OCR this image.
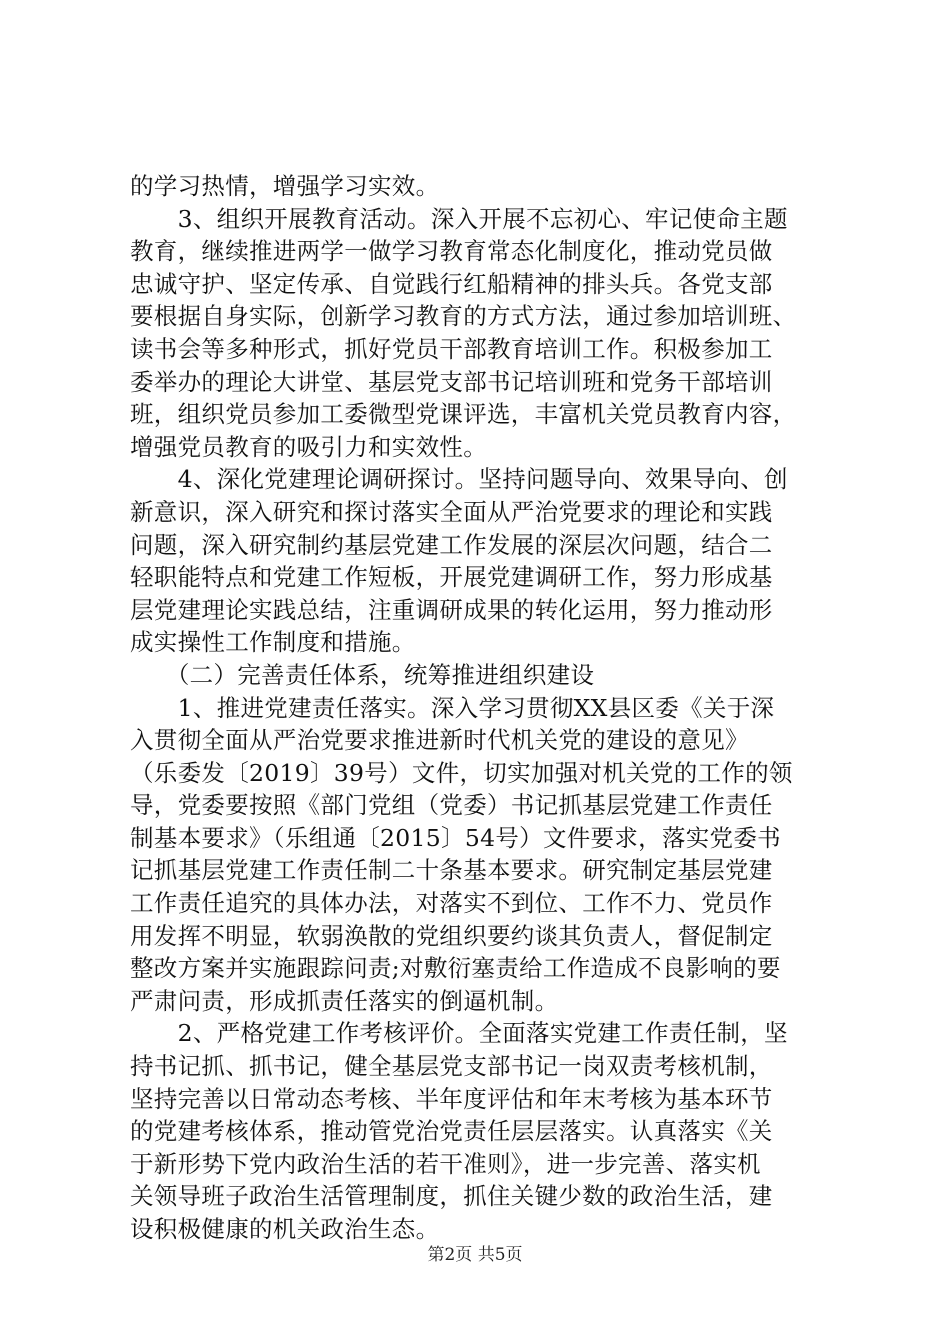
的学习热情，增强学习实效。
　　3、组织开展教育活动。深入开展不忘初心、牢记使命主题
教育，继续推进两学一做学习教育常态化制度化，推动党员做
忠诚守护、坚定传承、自觉践行红船精神的排头兵。各党支部
要根据自身实际，创新学习教育的方式方法，通过参加培训班、
读书会等多种形式，抓好党员干部教育培训工作。积极参加工
委举办的理论大讲堂、基层党支部书记培训班和党务干部培训
班，组织党员参加工委微型党课评选，丰富机关党员教育内容，
增强党员教育的吸引力和实效性。
　　4、深化党建理论调研探讨。坚持问题导向、效果导向、创
新意识，深入研究和探讨落实全面从严治党要求的理论和实践
问题，深入研究制约基层党建工作发展的深层次问题，结合二
轻职能特点和党建工作短板，开展党建调研工作，努力形成基
层党建理论实践总结，注重调研成果的转化运用，努力推动形
成实操性工作制度和措施。
　　（二）完善责任体系，统筹推进组织建设
　　1、推进党建责任落实。深入学习贯彻XX县区委《关于深
入贯彻全面从严治党要求推进新时代机关党的建设的意见》
（乐委发〔2019〕39号）文件，切实加强对机关党的工作的领
导，党委要按照《部门党组（党委）书记抓基层党建工作责任
制基本要求》（乐组通〔2015〕54号）文件要求，落实党委书
记抓基层党建工作责任制二十条基本要求。研究制定基层党建
工作责任追究的具体办法，对落实不到位、工作不力、党员作
用发挥不明显，软弱涣散的党组织要约谈其负责人，督促制定
整改方案并实施跟踪问责;对敷衍塞责给工作造成不良影响的要
严肃问责，形成抓责任落实的倒逼机制。
　　2、严格党建工作考核评价。全面落实党建工作责任制，坚
持书记抓、抓书记，健全基层党支部书记一岗双责考核机制，
坚持完善以日常动态考核、半年度评估和年末考核为基本环节
的党建考核体系，推动管党治党责任层层落实。认真落实《关
于新形势下党内政治生活的若干准则》，进一步完善、落实机
关领导班子政治生活管理制度，抓住关键少数的政治生活，建
设积极健康的机关政治生态。
第2页 共5页
